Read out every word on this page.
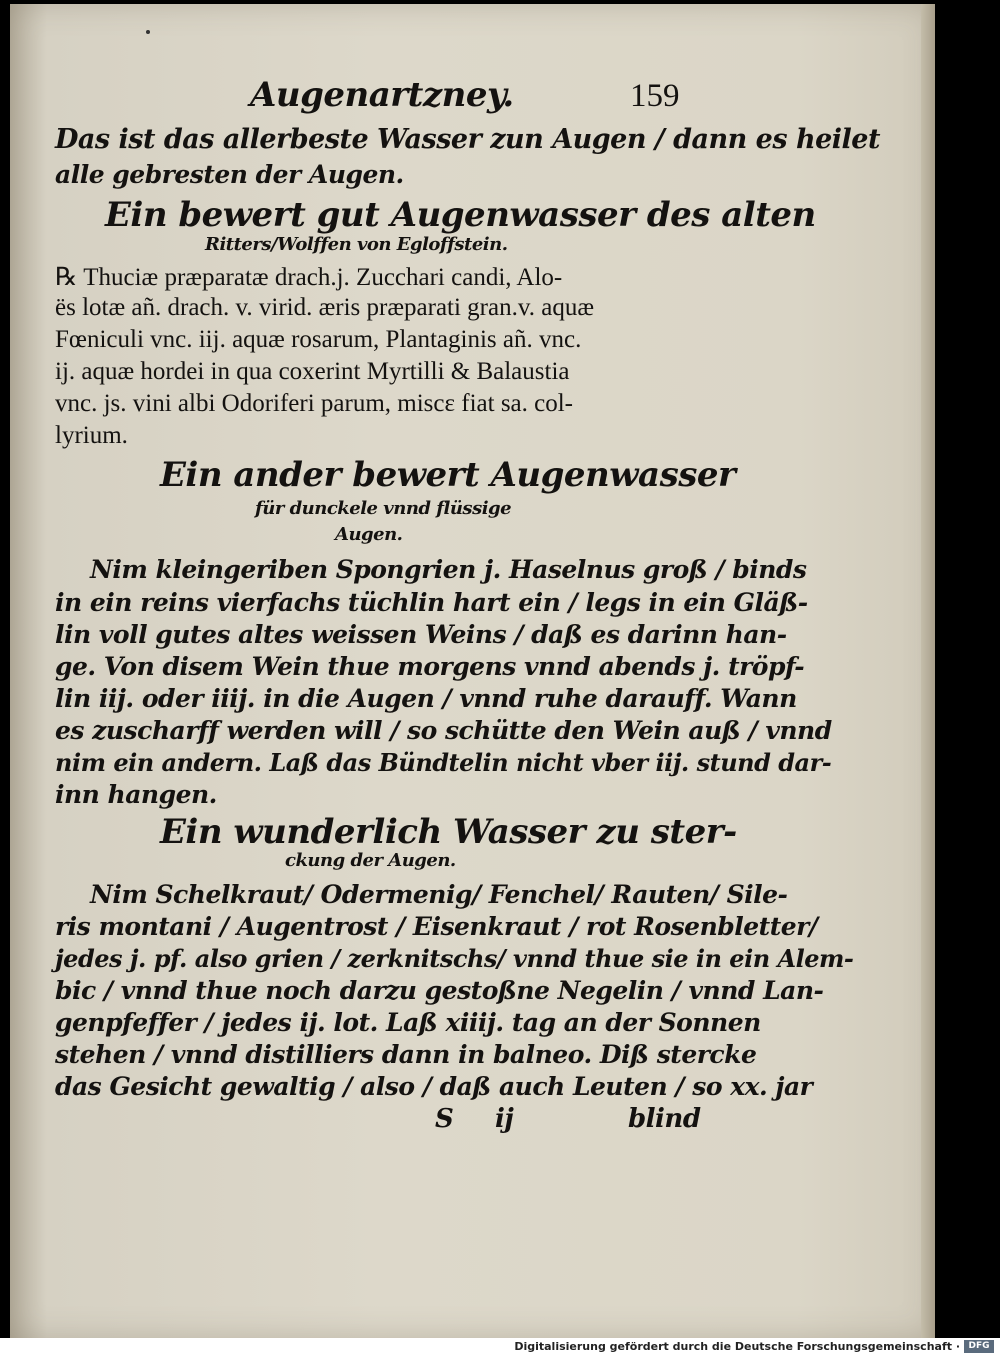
Augenartzney.	159
Das ist das allerbeste Wasser zun Augen / dann es heilet
alle gebresten der Augen.
Ein bewert gut Augenwasser des alten
Ritters/Wolffen von Egloffstein.
℞ Thuciæ præparatæ drach.j. Zucchari candi, Alo-
ës lotæ añ. drach. v. virid. æris præparati gran.v. aquæ
Fœniculi vnc. iij. aquæ rosarum, Plantaginis añ. vnc.
ij. aquæ hordei in qua coxerint Myrtilli & Balaustia
vnc. js. vini albi Odoriferi parum, miscε fiat sa. col-
lyrium.
Ein ander bewert Augenwasser
für dunckele vnnd flüssige
Augen.
Nim kleingeriben Spongrien j. Haselnus groß / binds
in ein reins vierfachs tüchlin hart ein / legs in ein Gläß-
lin voll gutes altes weissen Weins / daß es darinn han-
ge. Von disem Wein thue morgens vnnd abends j. tröpf-
lin iij. oder iiij. in die Augen / vnnd ruhe darauff. Wann
es zuscharff werden will / so schütte den Wein auß / vnnd
nim ein andern. Laß das Bündtelin nicht vber iij. stund dar-
inn hangen.
Ein wunderlich Wasser zu ster-
ckung der Augen.
Nim Schelkraut/ Odermenig/ Fenchel/ Rauten/ Sile-
ris montani / Augentrost / Eisenkraut / rot Rosenbletter/
jedes j. pf. also grien / zerknitschs/ vnnd thue sie in ein Alem-
bic / vnnd thue noch darzu gestoßne Negelin / vnnd Lan-
genpfeffer / jedes ij. lot. Laß xiiij. tag an der Sonnen
stehen / vnnd distilliers dann in balneo. Diß stercke
das Gesicht gewaltig / also / daß auch Leuten / so xx. jar
S ij	blind
Digitalisierung gefördert durch die Deutsche Forschungsgemeinschaft · DFG
